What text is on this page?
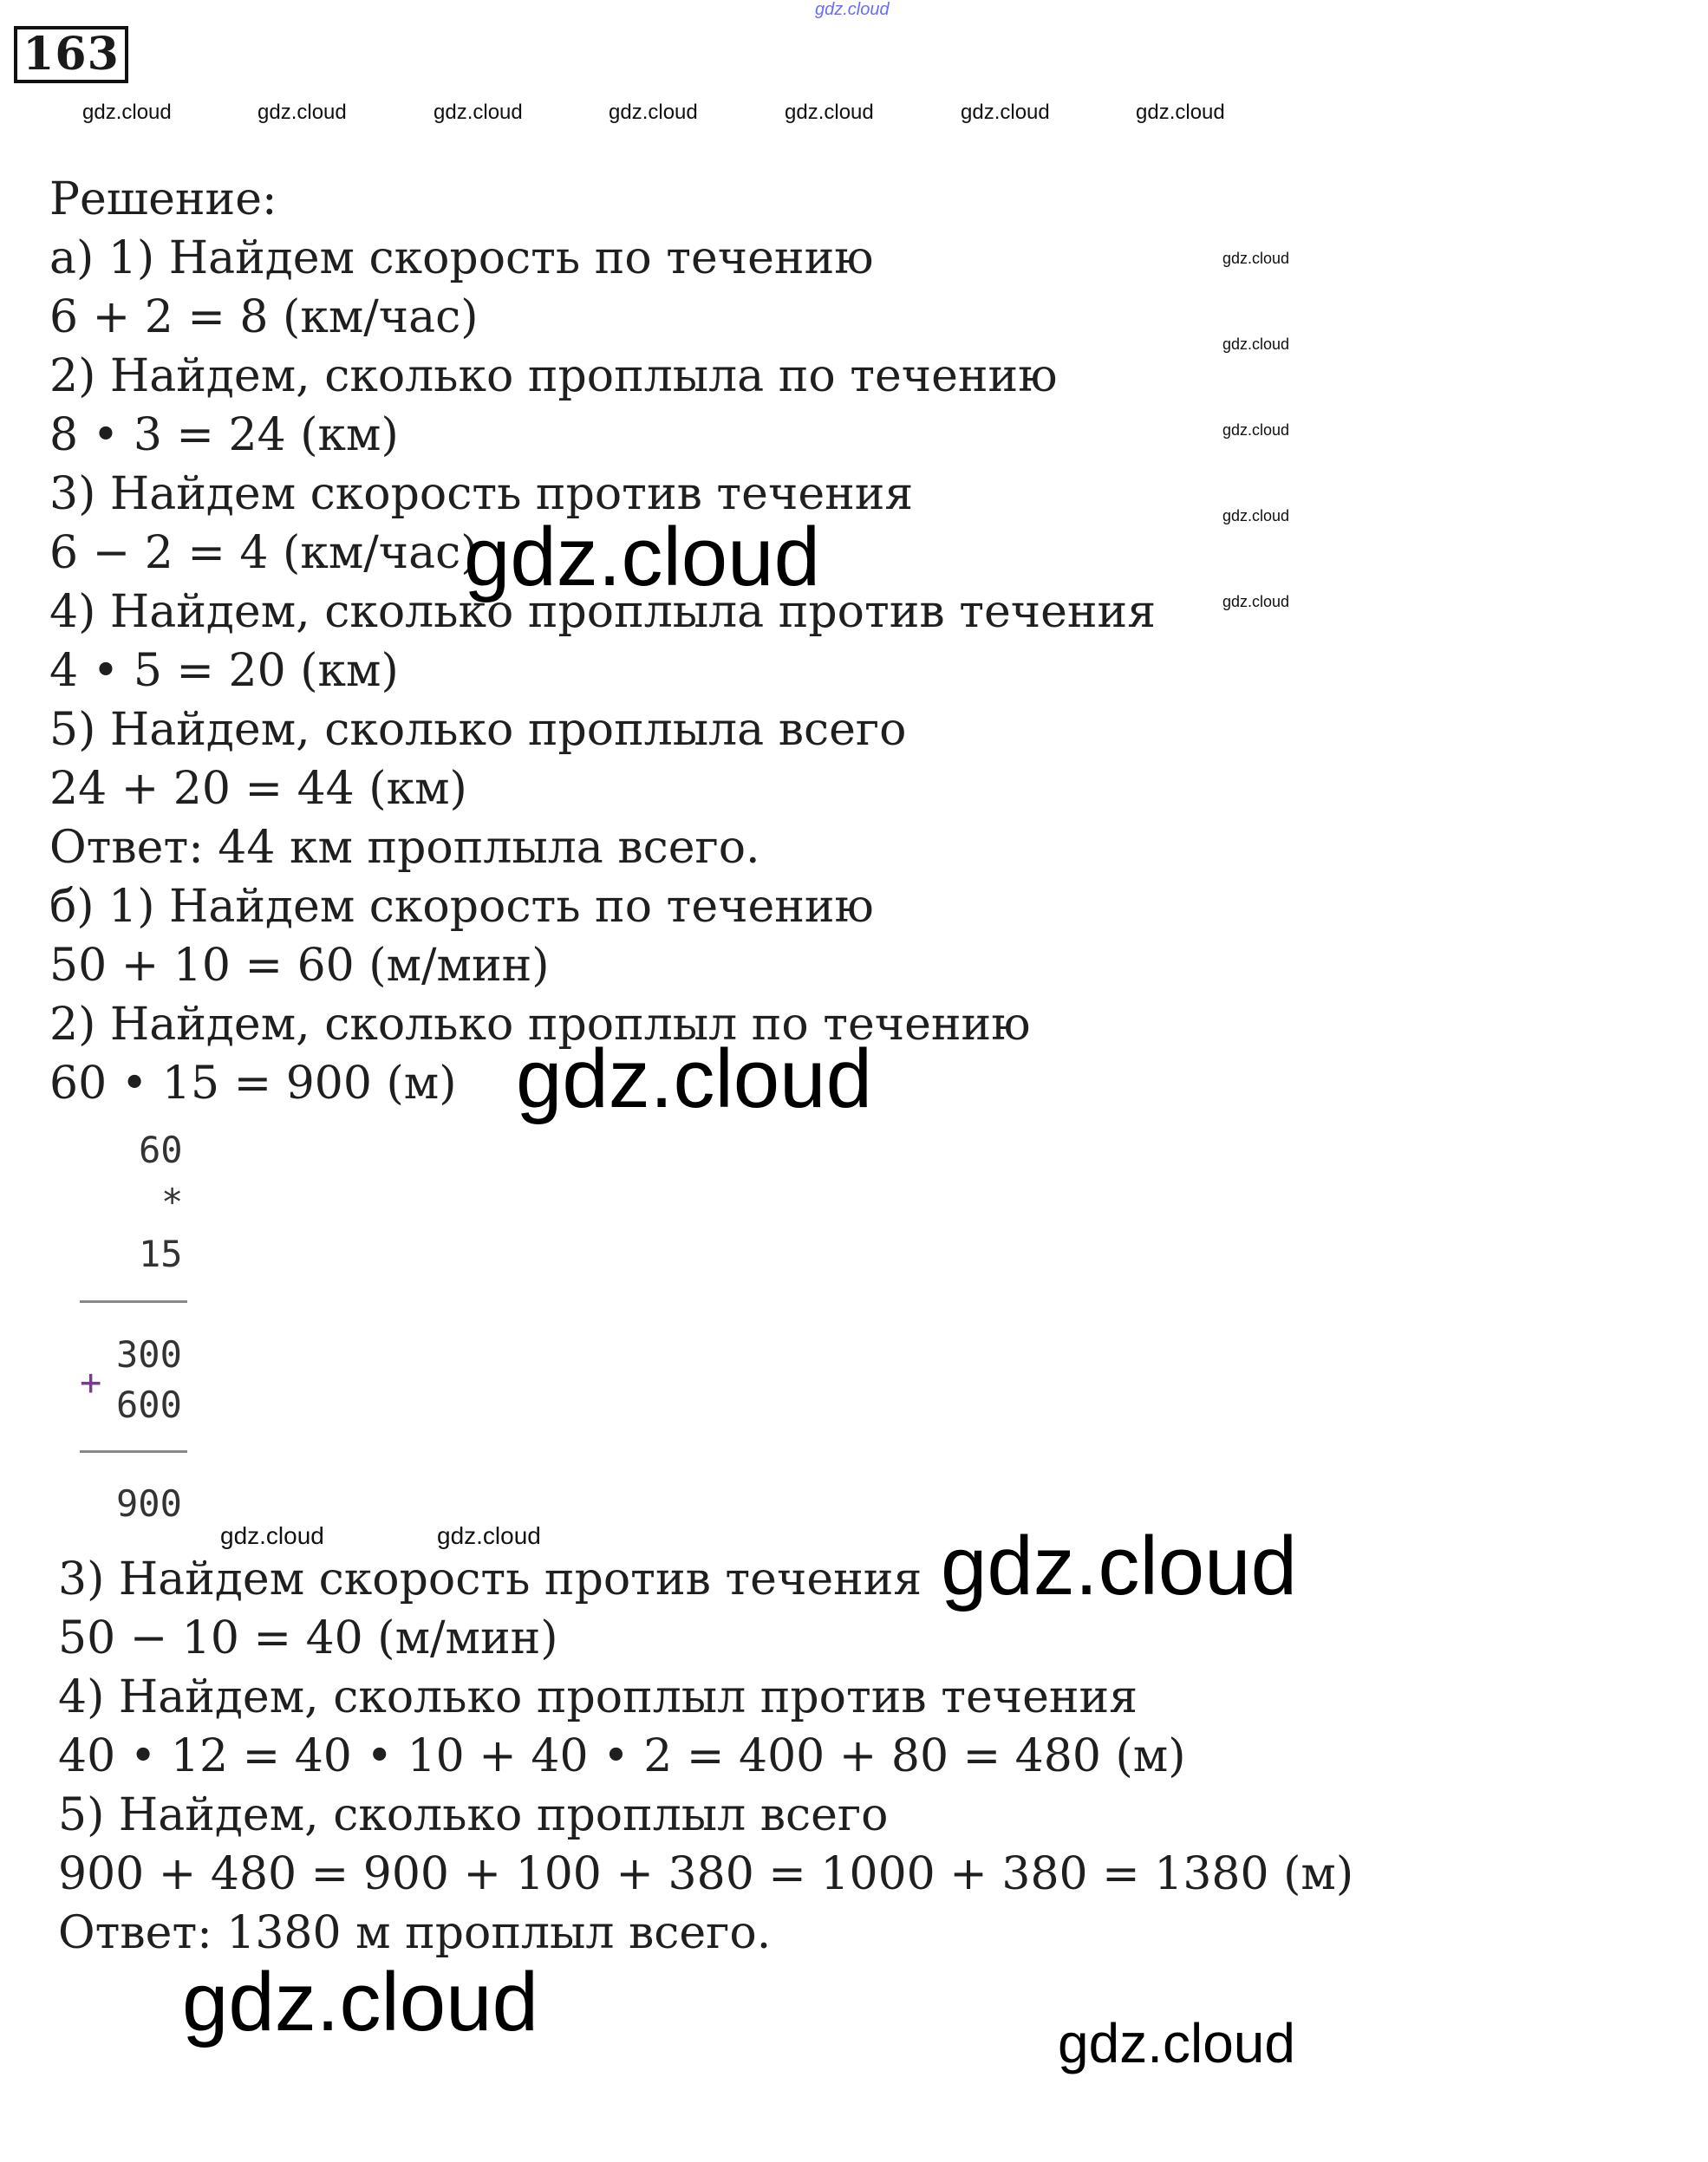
163
gdz.cloud
gdz.cloud	gdz.cloud	gdz.cloud	gdz.cloud	gdz.cloud	gdz.cloud	gdz.cloud
gdz.cloud
gdz.cloud
gdz.cloud
gdz.cloud
gdz.cloud
Решение:
а) 1) Найдем скорость по течению
6 + 2 = 8 (км/час)
2) Найдем, сколько проплыла по течению
8 • 3 = 24 (км)
3) Найдем скорость против течения
6 − 2 = 4 (км/час)
4) Найдем, сколько проплыла против течения
4 • 5 = 20 (км)
5) Найдем, сколько проплыла всего
24 + 20 = 44 (км)
Ответ: 44 км проплыла всего.
б) 1) Найдем скорость по течению
50 + 10 = 60 (м/мин)
2) Найдем, сколько проплыл по течению
60 • 15 = 900 (м)
gdz.cloud
gdz.cloud
60
*
15
300
+
600
900
gdz.cloud	gdz.cloud
3) Найдем скорость против течения
50 − 10 = 40 (м/мин)
4) Найдем, сколько проплыл против течения
40 • 12 = 40 • 10 + 40 • 2 = 400 + 80 = 480 (м)
5) Найдем, сколько проплыл всего
900 + 480 = 900 + 100 + 380 = 1000 + 380 = 1380 (м)
Ответ: 1380 м проплыл всего.
gdz.cloud
gdz.cloud	gdz.cloud
